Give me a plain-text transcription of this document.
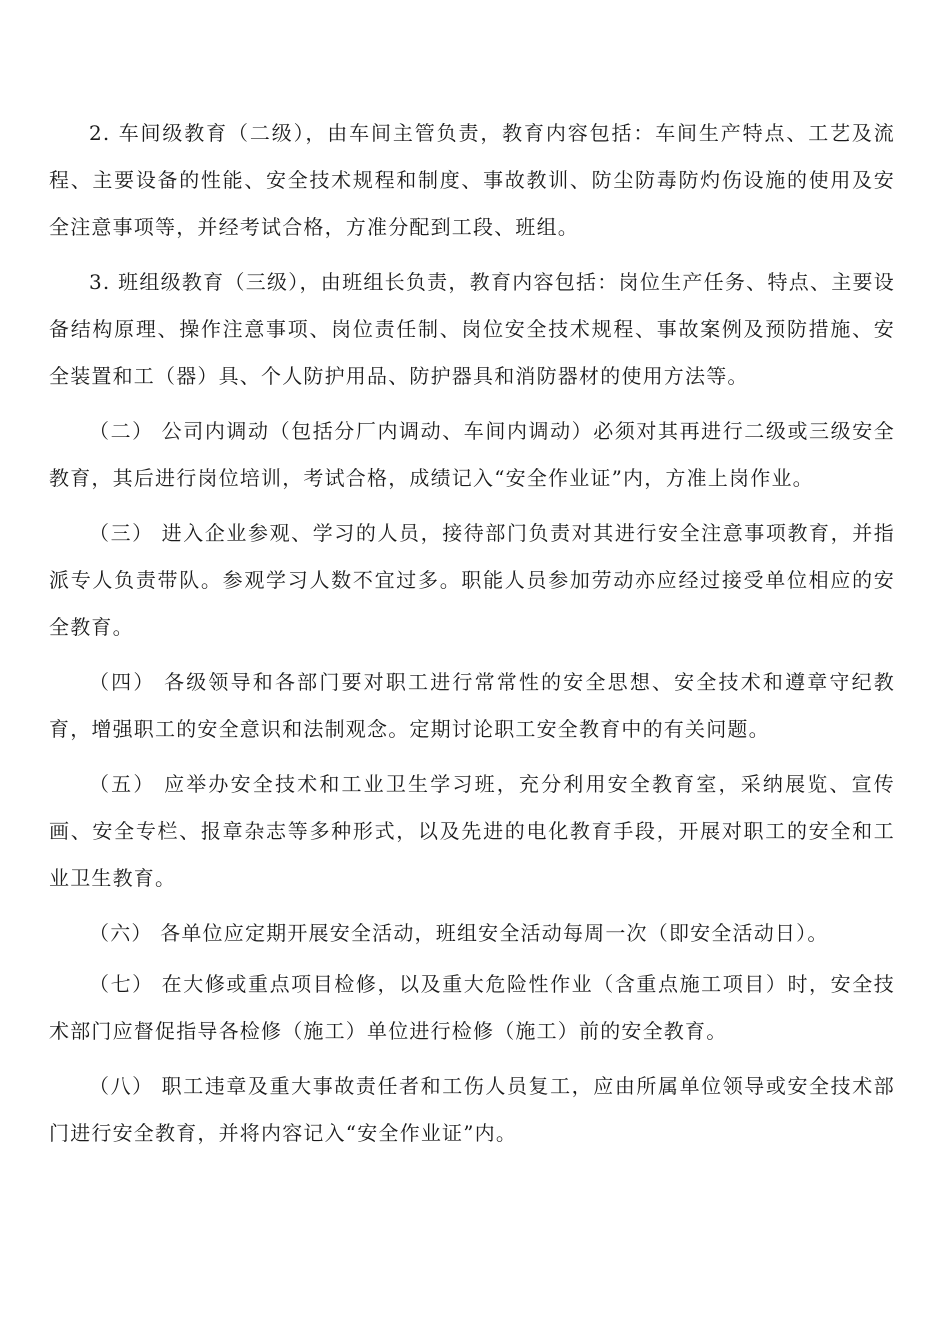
2. 车间级教育（二级），由车间主管负责，教育内容包括：车间生产特点、工艺及流程、主要设备的性能、安全技术规程和制度、事故教训、防尘防毒防灼伤设施的使用及安全注意事项等，并经考试合格，方准分配到工段、班组。

3. 班组级教育（三级），由班组长负责，教育内容包括：岗位生产任务、特点、主要设备结构原理、操作注意事项、岗位责任制、岗位安全技术规程、事故案例及预防措施、安全装置和工（器）具、个人防护用品、防护器具和消防器材的使用方法等。

（二） 公司内调动（包括分厂内调动、车间内调动）必须对其再进行二级或三级安全教育，其后进行岗位培训，考试合格，成绩记入“安全作业证”内，方准上岗作业。

（三） 进入企业参观、学习的人员，接待部门负责对其进行安全注意事项教育，并指派专人负责带队。参观学习人数不宜过多。职能人员参加劳动亦应经过接受单位相应的安全教育。

（四） 各级领导和各部门要对职工进行常常性的安全思想、安全技术和遵章守纪教育，增强职工的安全意识和法制观念。定期讨论职工安全教育中的有关问题。

（五） 应举办安全技术和工业卫生学习班，充分利用安全教育室，采纳展览、宣传画、安全专栏、报章杂志等多种形式，以及先进的电化教育手段，开展对职工的安全和工业卫生教育。

（六） 各单位应定期开展安全活动，班组安全活动每周一次（即安全活动日）。

（七） 在大修或重点项目检修，以及重大危险性作业（含重点施工项目）时，安全技术部门应督促指导各检修（施工）单位进行检修（施工）前的安全教育。

（八） 职工违章及重大事故责任者和工伤人员复工，应由所属单位领导或安全技术部门进行安全教育，并将内容记入“安全作业证”内。
